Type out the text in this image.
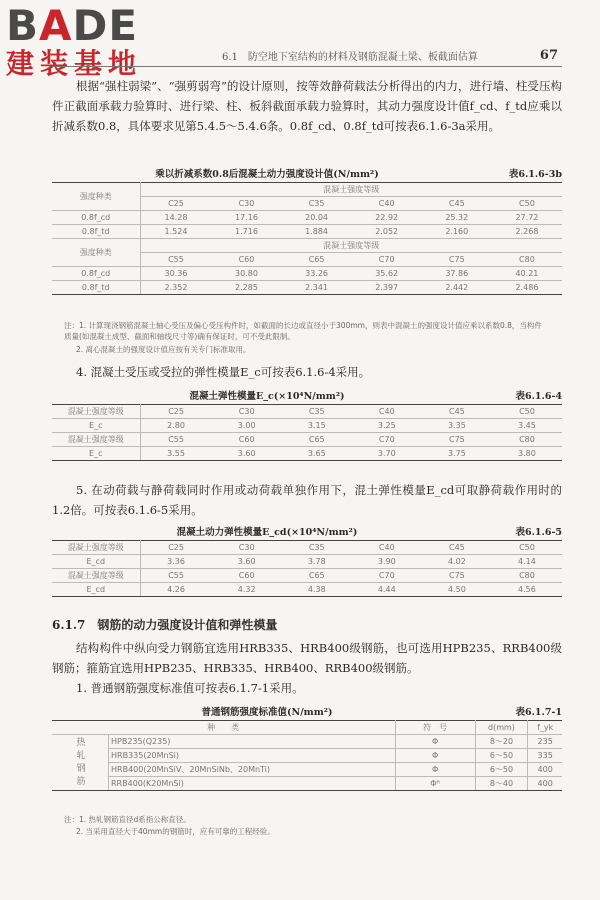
BADE
建装基地	6.1　防空地下室结构的材料及钢筋混凝土梁、板截面估算	67

根据“强柱弱梁”、“强剪弱弯”的设计原则，按等效静荷载法分析得出的内力，进行墙、柱受压构件正截面承载力验算时、进行梁、柱、板斜截面承载力验算时，其动力强度设计值f_cd、f_td应乘以折减系数0.8，具体要求见第5.4.5～5.4.6条。0.8f_cd、0.8f_td可按表6.1.6-3a采用。

乘以折减系数0.8后混凝土动力强度设计值(N/mm²)	表6.1.6-3b
强度种类	混凝土强度等级					
	C25	C30	C35	C40	C45	C50
0.8f_cd	14.28	17.16	20.04	22.92	25.32	27.72
0.8f_td	1.524	1.716	1.884	2.052	2.160	2.268
强度种类	混凝土强度等级					
	C55	C60	C65	C70	C75	C80
0.8f_cd	30.36	30.80	33.26	35.62	37.86	40.21
0.8f_td	2.352	2.285	2.341	2.397	2.442	2.486

注：1. 计算现浇钢筋混凝土轴心受压及偏心受压构件时，如截面的长边或直径小于300mm，则表中混凝土的强度设计值应乘以系数0.8，当构件质量(如混凝土成型、截面和轴线尺寸等)确有保证时，可不受此限制。

2. 离心混凝土的强度设计值应按有关专门标准取用。

4. 混凝土受压或受拉的弹性模量E_c可按表6.1.6-4采用。

混凝土弹性模量E_c(×10⁴N/mm²)	表6.1.6-4
混凝土强度等级	C25	C30	C35	C40	C45	C50
E_c	2.80	3.00	3.15	3.25	3.35	3.45
混凝土强度等级	C55	C60	C65	C70	C75	C80
E_c	3.55	3.60	3.65	3.70	3.75	3.80

5. 在动荷载与静荷载同时作用或动荷载单独作用下，混土弹性模量E_cd可取静荷载作用时的1.2倍。可按表6.1.6-5采用。

混凝土动力弹性模量E_cd(×10⁴N/mm²)	表6.1.6-5
混凝土强度等级	C25	C30	C35	C40	C45	C50
E_cd	3.36	3.60	3.78	3.90	4.02	4.14
混凝土强度等级	C55	C60	C65	C70	C75	C80
E_cd	4.26	4.32	4.38	4.44	4.50	4.56
6.1.7　钢筋的动力强度设计值和弹性模量

结构构件中纵向受力钢筋宜选用HRB335、HRB400级钢筋，也可选用HPB235、RRB400级钢筋；箍筋宜选用HPB235、HRB335、HRB400、RRB400级钢筋。

1. 普通钢筋强度标准值可按表6.1.7-1采用。

普通钢筋强度标准值(N/mm²)	表6.1.7-1
种　　类		符　号	d(mm)	f_yk
热轧钢筋	HPB235(Q235)	Φ	8～20	235
	HRB335(20MnSi)	Φ	6～50	335
	HRB400(20MnSiV、20MnSiNb、20MnTi)	Φ	6～50	400
	RRB400(K20MnSi)	Φᴿ	8～40	400

注：1. 热轧钢筋直径d系指公称直径。

2. 当采用直径大于40mm的钢筋时，应有可靠的工程经验。
